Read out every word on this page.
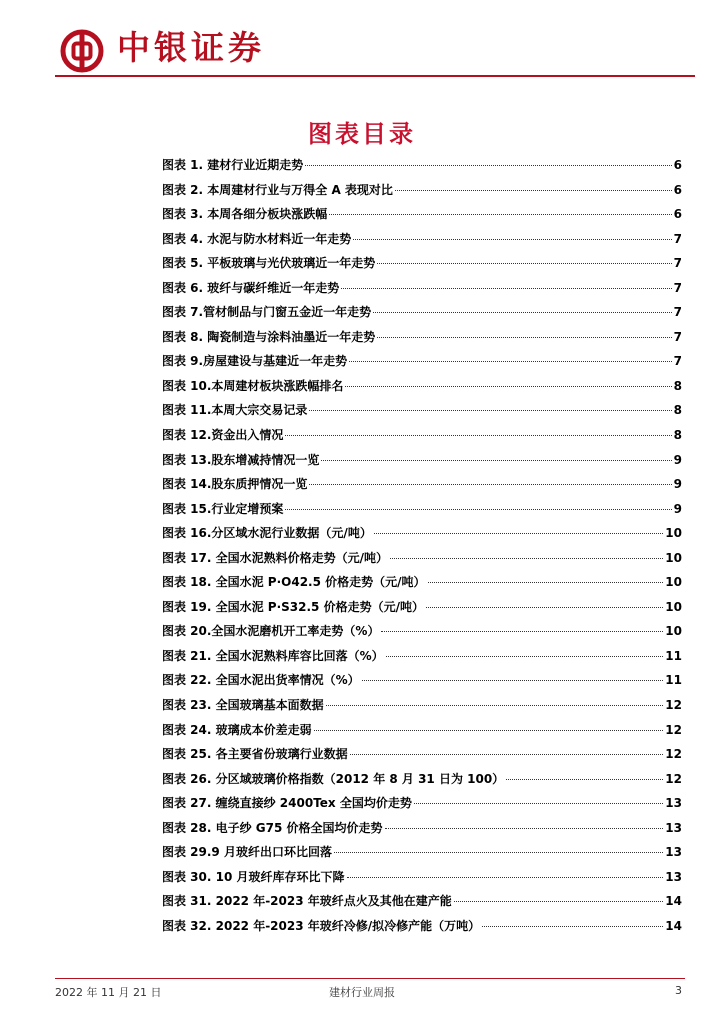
中银证券
图表目录
图表 1. 建材行业近期走势	6
图表 2. 本周建材行业与万得全 A 表现对比	6
图表 3. 本周各细分板块涨跌幅	6
图表 4. 水泥与防水材料近一年走势	7
图表 5. 平板玻璃与光伏玻璃近一年走势	7
图表 6. 玻纤与碳纤维近一年走势	7
图表 7.管材制品与门窗五金近一年走势	7
图表 8. 陶瓷制造与涂料油墨近一年走势	7
图表 9.房屋建设与基建近一年走势	7
图表 10.本周建材板块涨跌幅排名	8
图表 11.本周大宗交易记录	8
图表 12.资金出入情况	8
图表 13.股东增减持情况一览	9
图表 14.股东质押情况一览	9
图表 15.行业定增预案	9
图表 16.分区域水泥行业数据（元/吨）	10
图表 17. 全国水泥熟料价格走势（元/吨）	10
图表 18. 全国水泥 P·O42.5 价格走势（元/吨）	10
图表 19. 全国水泥 P·S32.5 价格走势（元/吨）	10
图表 20.全国水泥磨机开工率走势（%）	10
图表 21. 全国水泥熟料库容比回落（%）	11
图表 22. 全国水泥出货率情况（%）	11
图表 23. 全国玻璃基本面数据	12
图表 24. 玻璃成本价差走弱	12
图表 25. 各主要省份玻璃行业数据	12
图表 26. 分区域玻璃价格指数（2012 年 8 月 31 日为 100）	12
图表 27. 缠绕直接纱 2400Tex 全国均价走势	13
图表 28. 电子纱 G75 价格全国均价走势	13
图表 29.9 月玻纤出口环比回落	13
图表 30. 10 月玻纤库存环比下降	13
图表 31. 2022 年-2023 年玻纤点火及其他在建产能	14
图表 32. 2022 年-2023 年玻纤冷修/拟冷修产能（万吨）	14
2022 年 11 月 21 日	建材行业周报	3
